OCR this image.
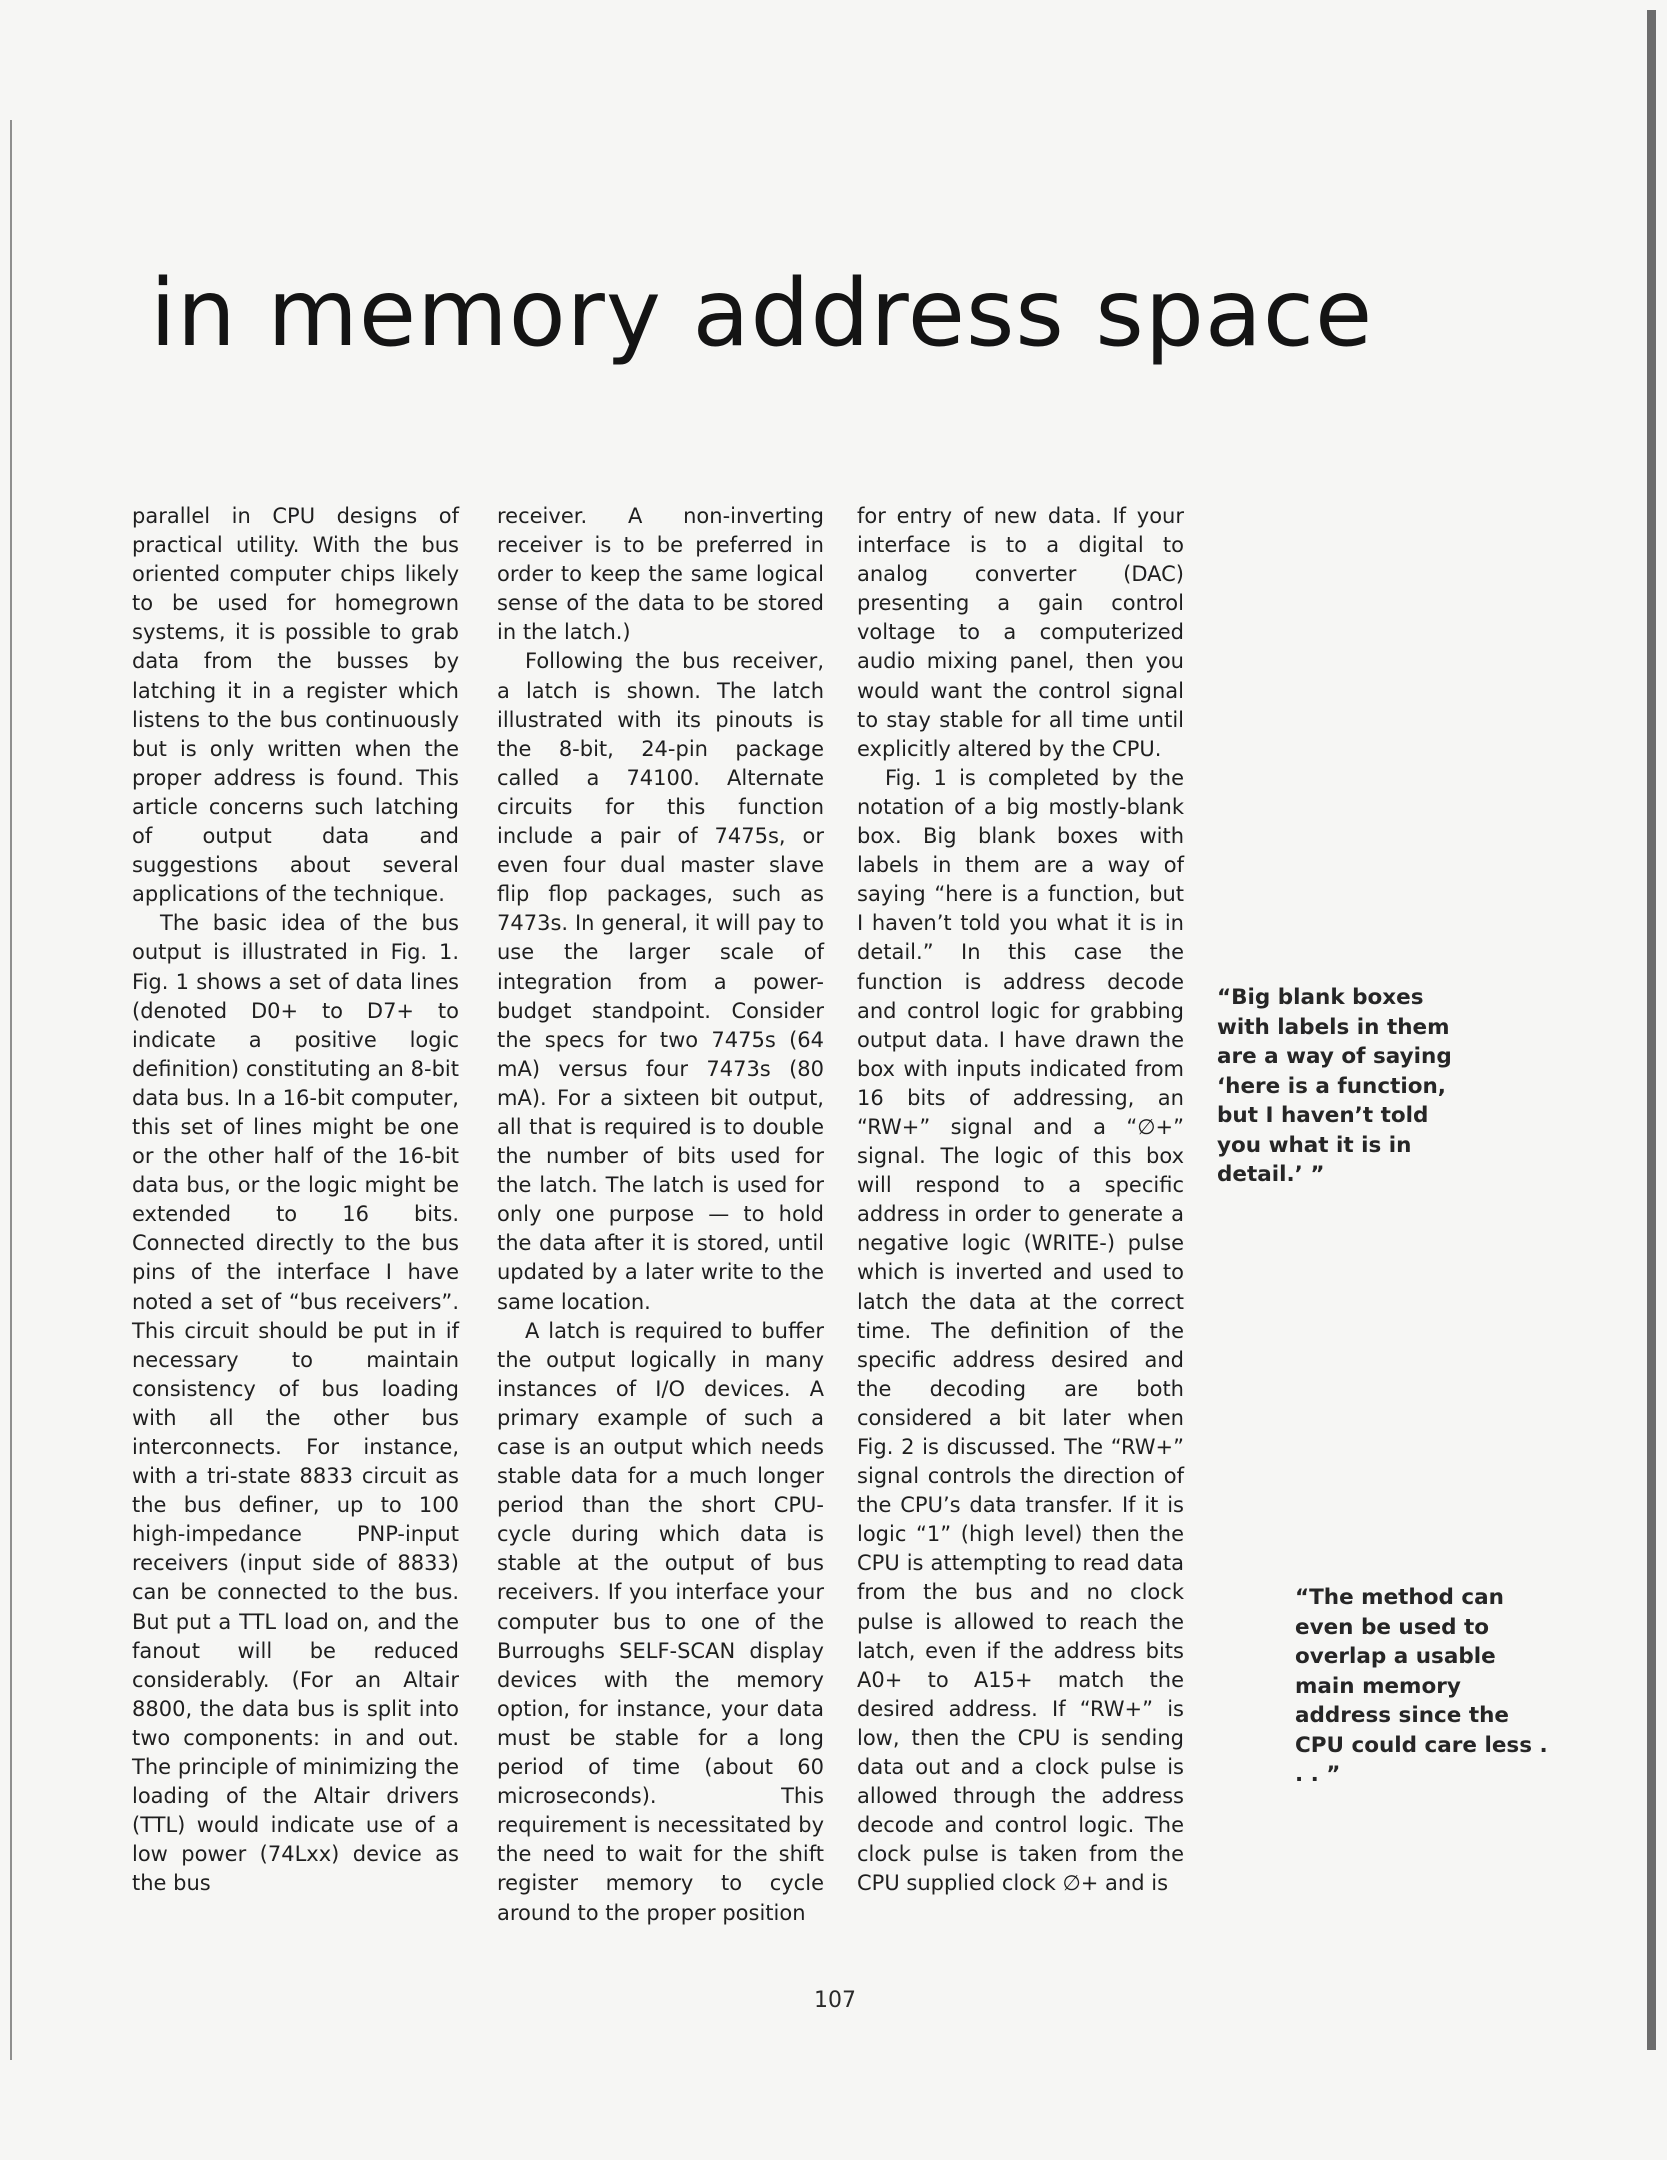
in memory address space

parallel in CPU designs of practical utility. With the bus oriented computer chips likely to be used for homegrown systems, it is possible to grab data from the busses by latching it in a register which listens to the bus continuously but is only written when the proper address is found. This article concerns such latching of output data and suggestions about several applications of the technique.

The basic idea of the bus output is illustrated in Fig. 1. Fig. 1 shows a set of data lines (denoted D0+ to D7+ to indicate a positive logic definition) constituting an 8-bit data bus. In a 16-bit computer, this set of lines might be one or the other half of the 16-bit data bus, or the logic might be extended to 16 bits. Connected directly to the bus pins of the interface I have noted a set of “bus receivers”. This circuit should be put in if necessary to maintain consistency of bus loading with all the other bus interconnects. For instance, with a tri-state 8833 circuit as the bus definer, up to 100 high-impedance PNP-input receivers (input side of 8833) can be connected to the bus. But put a TTL load on, and the fanout will be reduced considerably. (For an Altair 8800, the data bus is split into two components: in and out. The principle of minimizing the loading of the Altair drivers (TTL) would indicate use of a low power (74Lxx) device as the bus

receiver. A non-inverting receiver is to be preferred in order to keep the same logical sense of the data to be stored in the latch.)

Following the bus receiver, a latch is shown. The latch illustrated with its pinouts is the 8-bit, 24-pin package called a 74100. Alternate circuits for this function include a pair of 7475s, or even four dual master slave flip flop packages, such as 7473s. In general, it will pay to use the larger scale of integration from a power-budget standpoint. Consider the specs for two 7475s (64 mA) versus four 7473s (80 mA). For a sixteen bit output, all that is required is to double the number of bits used for the latch. The latch is used for only one purpose — to hold the data after it is stored, until updated by a later write to the same location.

A latch is required to buffer the output logically in many instances of I/O devices. A primary example of such a case is an output which needs stable data for a much longer period than the short CPU-cycle during which data is stable at the output of bus receivers. If you interface your computer bus to one of the Burroughs SELF-SCAN display devices with the memory option, for instance, your data must be stable for a long period of time (about 60 microseconds). This requirement is necessitated by the need to wait for the shift register memory to cycle around to the proper position

for entry of new data. If your interface is to a digital to analog converter (DAC) presenting a gain control voltage to a computerized audio mixing panel, then you would want the control signal to stay stable for all time until explicitly altered by the CPU.

Fig. 1 is completed by the notation of a big mostly-blank box. Big blank boxes with labels in them are a way of saying “here is a function, but I haven’t told you what it is in detail.” In this case the function is address decode and control logic for grabbing output data. I have drawn the box with inputs indicated from 16 bits of addressing, an “RW+” signal and a “∅+” signal. The logic of this box will respond to a specific address in order to generate a negative logic (WRITE-) pulse which is inverted and used to latch the data at the correct time. The definition of the specific address desired and the decoding are both considered a bit later when Fig. 2 is discussed. The “RW+” signal controls the direction of the CPU’s data transfer. If it is logic “1” (high level) then the CPU is attempting to read data from the bus and no clock pulse is allowed to reach the latch, even if the address bits A0+ to A15+ match the desired address. If “RW+” is low, then the CPU is sending data out and a clock pulse is allowed through the address decode and control logic. The clock pulse is taken from the CPU supplied clock ∅+ and is

“Big blank boxes with labels in them are a way of saying ‘here is a function, but I haven’t told you what it is in detail.’ ”

“The method can even be used to overlap a usable main memory address since the CPU could care less . . . ”

107
